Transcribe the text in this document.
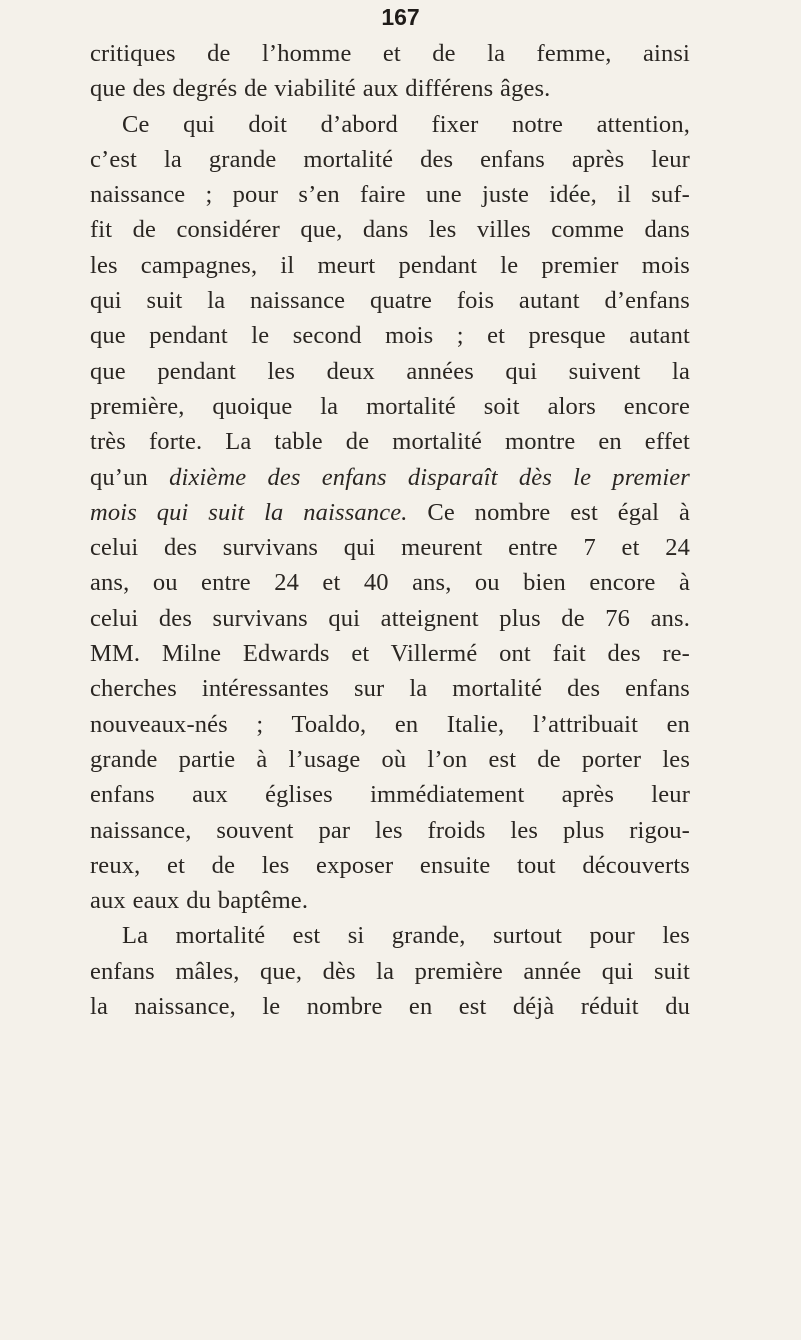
167
critiques de l’homme et de la femme, ainsi
que des degrés de viabilité aux différens âges.
Ce qui doit d’abord fixer notre attention,
c’est la grande mortalité des enfans après leur
naissance ; pour s’en faire une juste idée, il suf-
fit de considérer que, dans les villes comme dans
les campagnes, il meurt pendant le premier mois
qui suit la naissance quatre fois autant d’enfans
que pendant le second mois ; et presque autant
que pendant les deux années qui suivent la
première, quoique la mortalité soit alors encore
très forte. La table de mortalité montre en effet
qu’un dixième des enfans disparaît dès le premier
mois qui suit la naissance. Ce nombre est égal à
celui des survivans qui meurent entre 7 et 24
ans, ou entre 24 et 40 ans, ou bien encore à
celui des survivans qui atteignent plus de 76 ans.
MM. Milne Edwards et Villermé ont fait des re-
cherches intéressantes sur la mortalité des enfans
nouveaux-nés ; Toaldo, en Italie, l’attribuait en
grande partie à l’usage où l’on est de porter les
enfans aux églises immédiatement après leur
naissance, souvent par les froids les plus rigou-
reux, et de les exposer ensuite tout découverts
aux eaux du baptême.
La mortalité est si grande, surtout pour les
enfans mâles, que, dès la première année qui suit
la naissance, le nombre en est déjà réduit du
